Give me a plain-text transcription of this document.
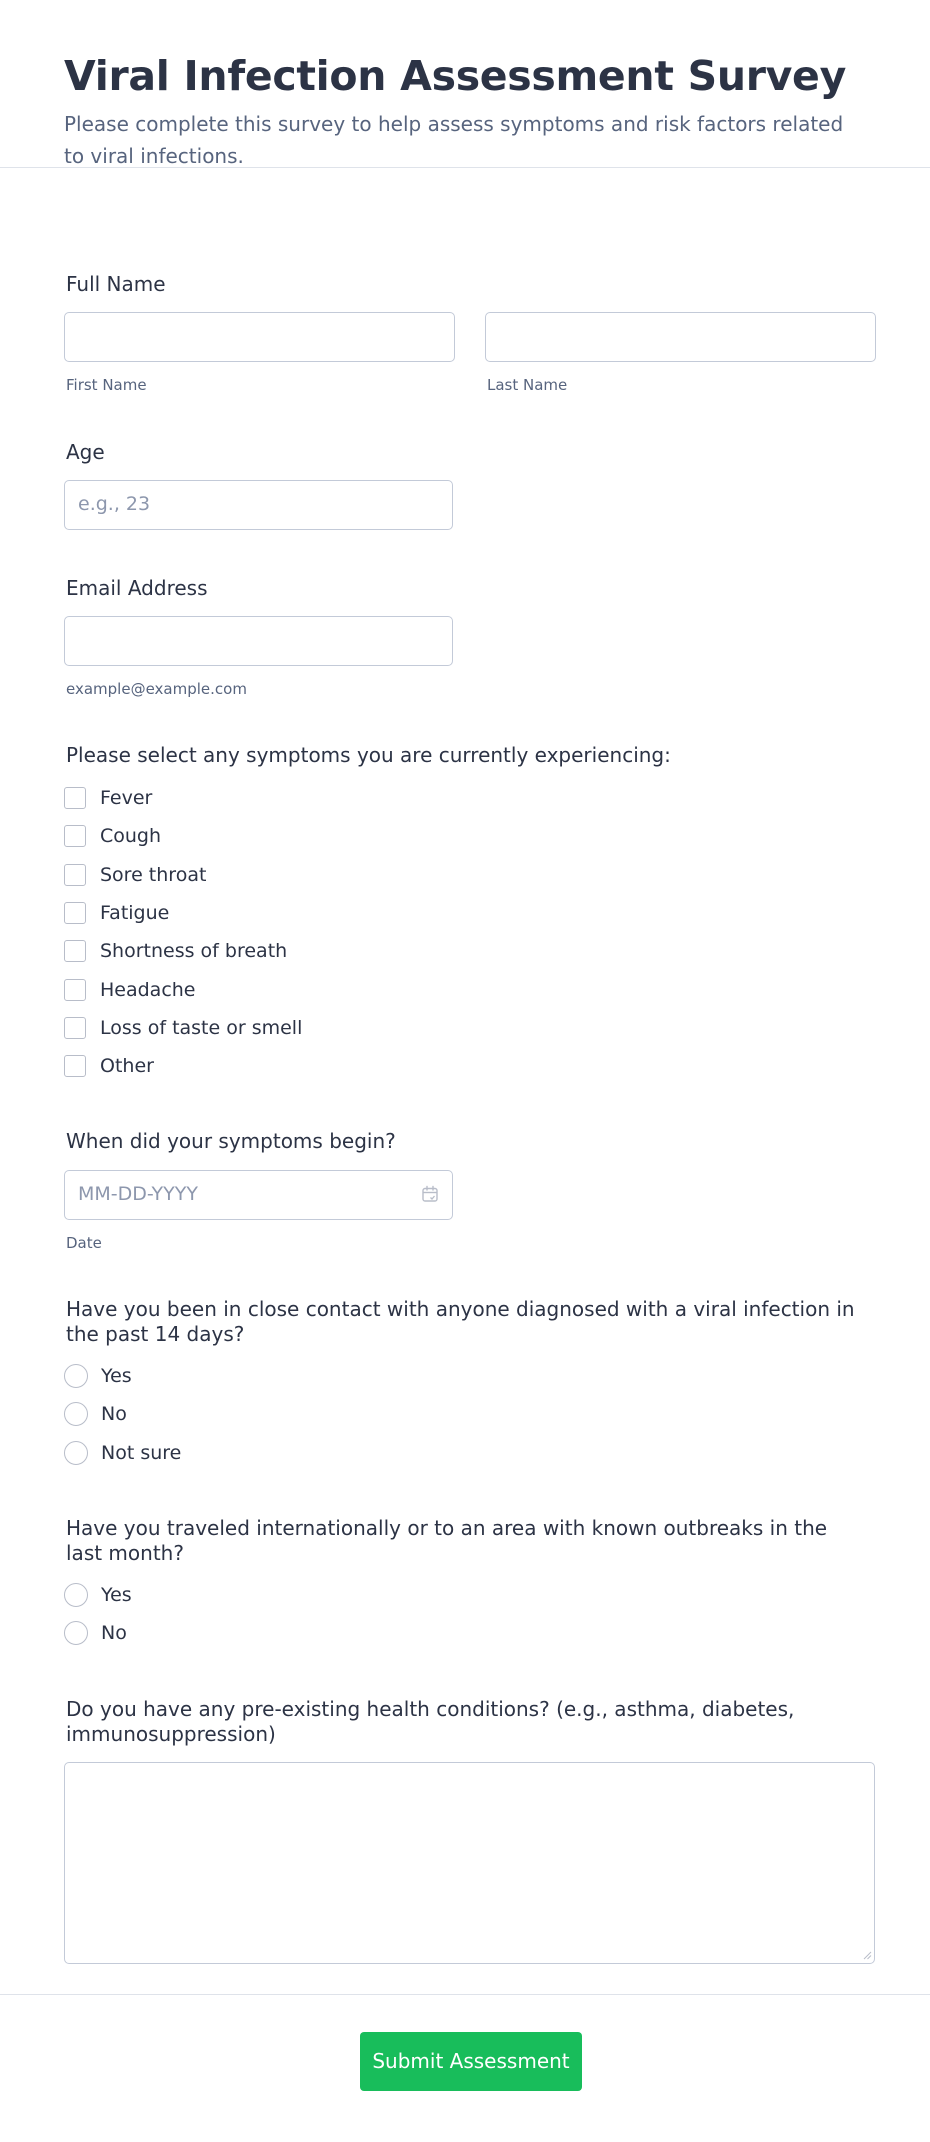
Viral Infection Assessment Survey
Please complete this survey to help assess symptoms and risk factors related to viral infections.
Full Name
First Name	Last Name
Age
e.g., 23
Email Address
example@example.com
Please select any symptoms you are currently experiencing:
Fever
Cough
Sore throat
Fatigue
Shortness of breath
Headache
Loss of taste or smell
Other
When did your symptoms begin?
MM-DD-YYYY
Date
Have you been in close contact with anyone diagnosed with a viral infection in the past 14 days?
Yes
No
Not sure
Have you traveled internationally or to an area with known outbreaks in the last month?
Yes
No
Do you have any pre-existing health conditions? (e.g., asthma, diabetes, immunosuppression)
Submit Assessment
